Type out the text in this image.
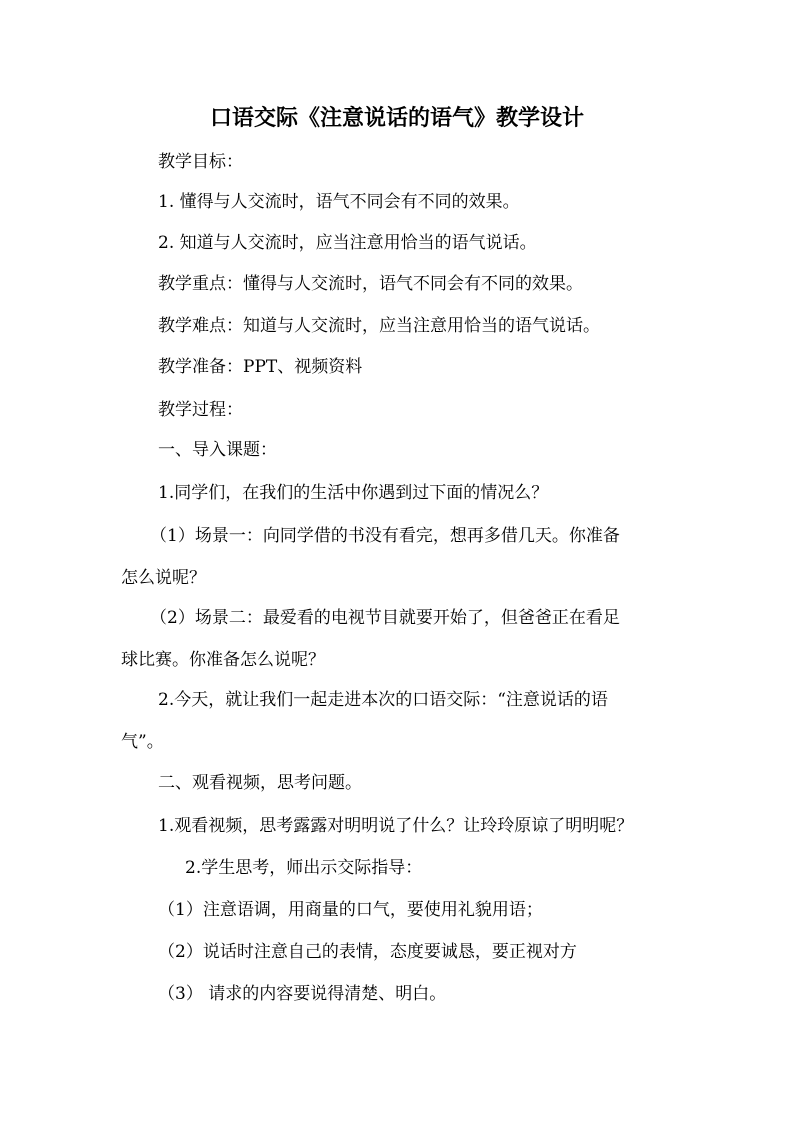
口语交际《注意说话的语气》教学设计
教学目标：
1. 懂得与人交流时，语气不同会有不同的效果。
2. 知道与人交流时，应当注意用恰当的语气说话。
教学重点：懂得与人交流时，语气不同会有不同的效果。
教学难点：知道与人交流时，应当注意用恰当的语气说话。
教学准备：PPT、视频资料
教学过程：
一、导入课题：
1.同学们，在我们的生活中你遇到过下面的情况么？
（1）场景一：向同学借的书没有看完，想再多借几天。你准备
怎么说呢？
（2）场景二：最爱看的电视节目就要开始了，但爸爸正在看足
球比赛。你准备怎么说呢？
2.今天，就让我们一起走进本次的口语交际：“注意说话的语
气”。
二、观看视频，思考问题。
1.观看视频，思考露露对明明说了什么？让玲玲原谅了明明呢？
2.学生思考，师出示交际指导：
（1）注意语调，用商量的口气，要使用礼貌用语；
（2）说话时注意自己的表情，态度要诚恳，要正视对方
（3） 请求的内容要说得清楚、明白。
